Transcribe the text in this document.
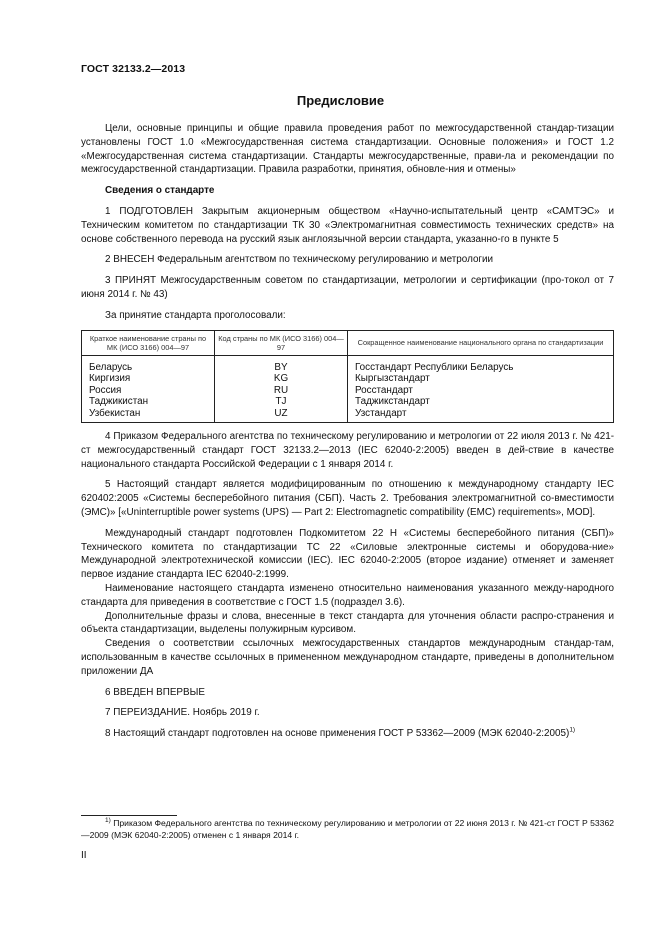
ГОСТ 32133.2—2013
Предисловие

Цели, основные принципы и общие правила проведения работ по межгосударственной стандар-тизации установлены ГОСТ 1.0 «Межгосударственная система стандартизации. Основные положения» и ГОСТ 1.2 «Межгосударственная система стандартизации. Стандарты межгосударственные, прави-ла и рекомендации по межгосударственной стандартизации. Правила разработки, принятия, обновле-ния и отмены»

Сведения о стандарте

1 ПОДГОТОВЛЕН Закрытым акционерным обществом «Научно-испытательный центр «САМТЭС» и Техническим комитетом по стандартизации ТК 30 «Электромагнитная совместимость технических средств» на основе собственного перевода на русский язык англоязычной версии стандарта, указанно-го в пункте 5

2 ВНЕСЕН Федеральным агентством по техническому регулированию и метрологии

3 ПРИНЯТ Межгосударственным советом по стандартизации, метрологии и сертификации (про-токол от 7 июня 2014 г. № 43)

За принятие стандарта проголосовали:

Краткое наименование страны по МК (ИСО 3166) 004—97	Код страны по МК (ИСО 3166) 004—97	Сокращенное наименование национального органа по стандартизации
Беларусь	BY	Госстандарт Республики Беларусь
Киргизия	KG	Кыргызстандарт
Россия	RU	Росстандарт
Таджикистан	TJ	Таджикстандарт
Узбекистан	UZ	Узстандарт

4 Приказом Федерального агентства по техническому регулированию и метрологии от 22 июля 2013 г. № 421-ст межгосударственный стандарт ГОСТ 32133.2—2013 (IEC 62040-2:2005) введен в дей-ствие в качестве национального стандарта Российской Федерации с 1 января 2014 г.

5 Настоящий стандарт является модифицированным по отношению к международному стандарту IEC 620402:2005 «Системы бесперебойного питания (СБП). Часть 2. Требования электромагнитной со-вместимости (ЭМС)» [«Uninterruptible power systems (UPS) — Part 2: Electromagnetic compatibility (EMC) requirements», MOD].

Международный стандарт подготовлен Подкомитетом 22 Н «Системы бесперебойного питания (СБП)» Технического комитета по стандартизации ТС 22 «Силовые электронные системы и оборудова-ние» Международной электротехнической комиссии (IEC). IEC 62040-2:2005 (второе издание) отменяет и заменяет первое издание стандарта IEC 62040-2:1999.

Наименование настоящего стандарта изменено относительно наименования указанного между-народного стандарта для приведения в соответствие с ГОСТ 1.5 (подраздел 3.6).

Дополнительные фразы и слова, внесенные в текст стандарта для уточнения области распро-странения и объекта стандартизации, выделены полужирным курсивом.

Сведения о соответствии ссылочных межгосударственных стандартов международным стандар-там, использованным в качестве ссылочных в примененном международном стандарте, приведены в дополнительном приложении ДА

6 ВВЕДЕН ВПЕРВЫЕ

7 ПЕРЕИЗДАНИЕ. Ноябрь 2019 г.

8 Настоящий стандарт подготовлен на основе применения ГОСТ Р 53362—2009 (МЭК 62040-2:2005)$^{1)}$

$^{1)}$ Приказом Федерального агентства по техническому регулированию и метрологии от 22 июня 2013 г. № 421-ст ГОСТ Р 53362—2009 (МЭК 62040-2:2005) отменен с 1 января 2014 г.
II
